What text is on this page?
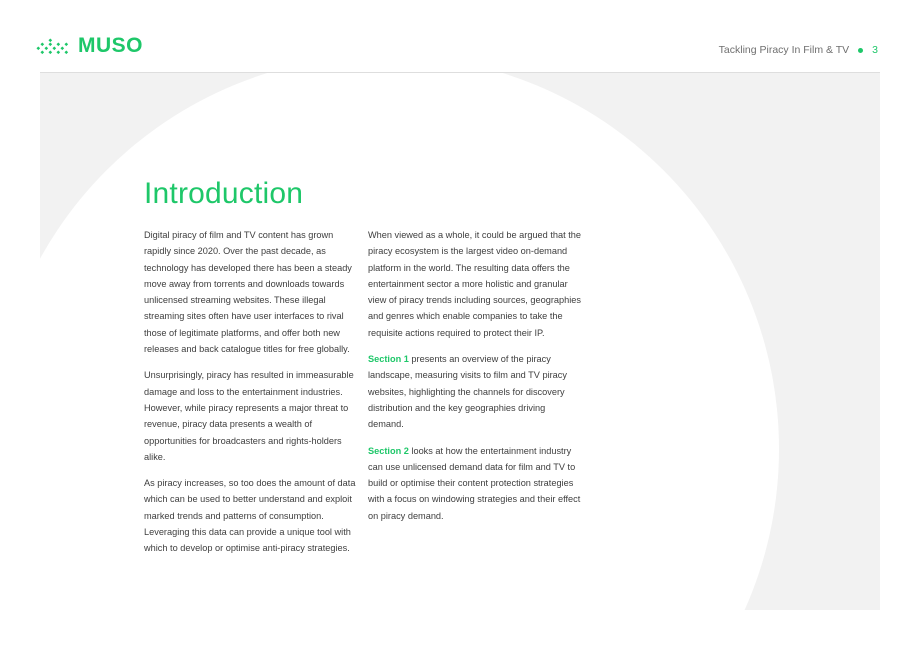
MUSO	Tackling Piracy In Film & TV 3
Introduction

Digital piracy of film and TV content has grown rapidly since 2020. Over the past decade, as technology has developed there has been a steady move away from torrents and downloads towards unlicensed streaming websites. These illegal streaming sites often have user interfaces to rival those of legitimate platforms, and offer both new releases and back catalogue titles for free globally.

Unsurprisingly, piracy has resulted in immeasurable damage and loss to the entertainment industries. However, while piracy represents a major threat to revenue, piracy data presents a wealth of opportunities for broadcasters and rights-holders alike.

As piracy increases, so too does the amount of data which can be used to better understand and exploit marked trends and patterns of consumption. Leveraging this data can provide a unique tool with which to develop or optimise anti-piracy strategies.

When viewed as a whole, it could be argued that the piracy ecosystem is the largest video on-demand platform in the world. The resulting data offers the entertainment sector a more holistic and granular view of piracy trends including sources, geographies and genres which enable companies to take the requisite actions required to protect their IP.

Section 1 presents an overview of the piracy landscape, measuring visits to film and TV piracy websites, highlighting the channels for discovery distribution and the key geographies driving demand.

Section 2 looks at how the entertainment industry can use unlicensed demand data for film and TV to build or optimise their content protection strategies with a focus on windowing strategies and their effect on piracy demand.
